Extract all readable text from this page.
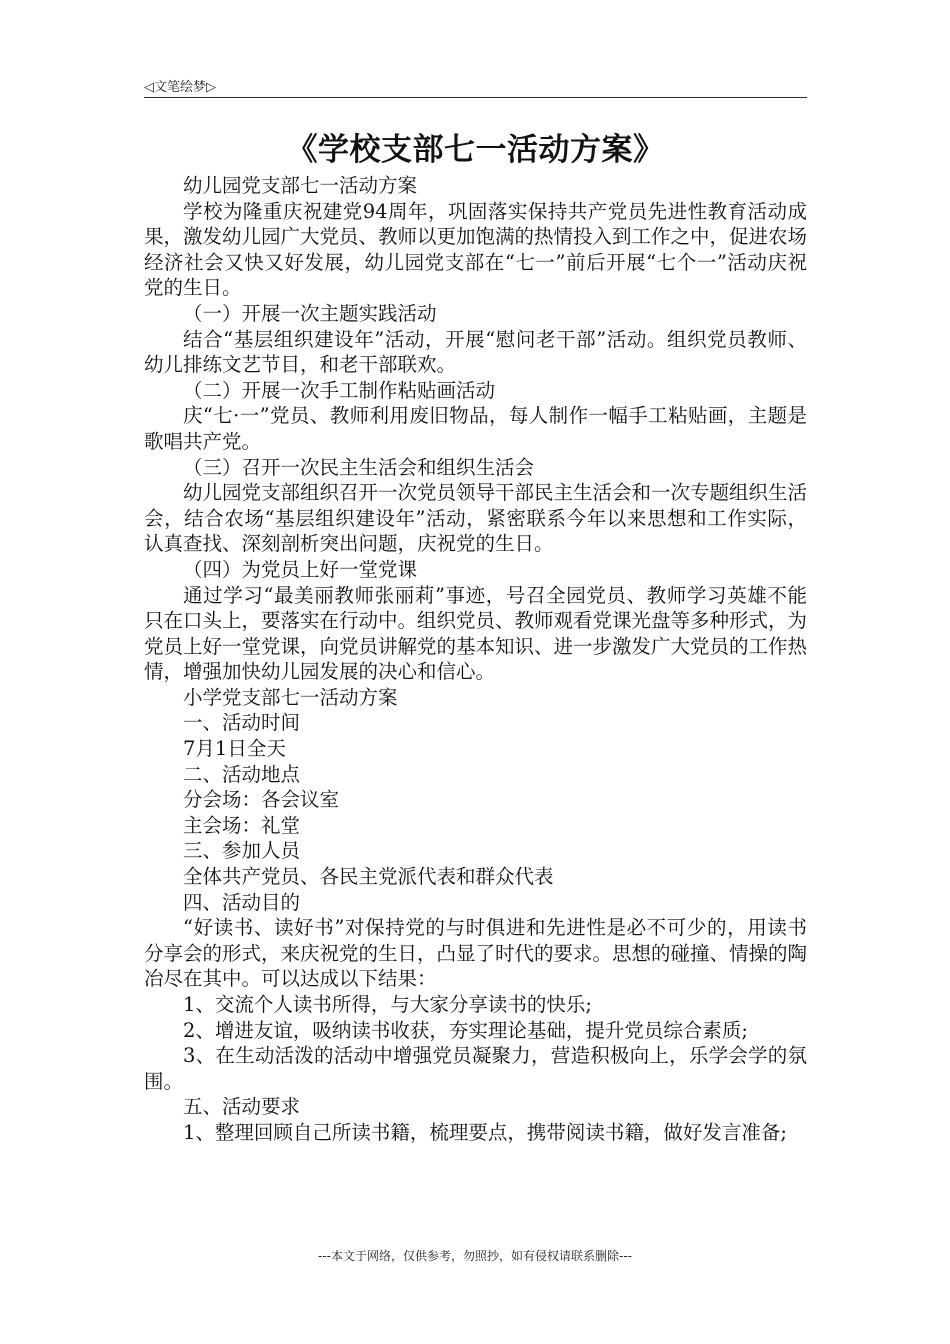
◁文笔绘梦▷
《学校支部七一活动方案》

幼儿园党支部七一活动方案

学校为隆重庆祝建党94周年，巩固落实保持共产党员先进性教育活动成果，激发幼儿园广大党员、教师以更加饱满的热情投入到工作之中，促进农场经济社会又快又好发展，幼儿园党支部在“七一”前后开展“七个一”活动庆祝党的生日。

（一）开展一次主题实践活动

结合“基层组织建设年”活动，开展“慰问老干部”活动。组织党员教师、幼儿排练文艺节目，和老干部联欢。

（二）开展一次手工制作粘贴画活动

庆“七·一”党员、教师利用废旧物品，每人制作一幅手工粘贴画，主题是歌唱共产党。

（三）召开一次民主生活会和组织生活会

幼儿园党支部组织召开一次党员领导干部民主生活会和一次专题组织生活会，结合农场“基层组织建设年”活动，紧密联系今年以来思想和工作实际，认真查找、深刻剖析突出问题，庆祝党的生日。

（四）为党员上好一堂党课

通过学习“最美丽教师张丽莉”事迹，号召全园党员、教师学习英雄不能只在口头上，要落实在行动中。组织党员、教师观看党课光盘等多种形式，为党员上好一堂党课，向党员讲解党的基本知识、进一步激发广大党员的工作热情，增强加快幼儿园发展的决心和信心。

小学党支部七一活动方案

一、活动时间

7月1日全天

二、活动地点

分会场：各会议室

主会场：礼堂

三、参加人员

全体共产党员、各民主党派代表和群众代表

四、活动目的

“好读书、读好书”对保持党的与时俱进和先进性是必不可少的，用读书分享会的形式，来庆祝党的生日，凸显了时代的要求。思想的碰撞、情操的陶冶尽在其中。可以达成以下结果：

1、交流个人读书所得，与大家分享读书的快乐;

2、增进友谊，吸纳读书收获，夯实理论基础，提升党员综合素质;

3、在生动活泼的活动中增强党员凝聚力，营造积极向上，乐学会学的氛围。

五、活动要求

1、整理回顾自己所读书籍，梳理要点，携带阅读书籍，做好发言准备;

---本文于网络，仅供参考，勿照抄，如有侵权请联系删除---
